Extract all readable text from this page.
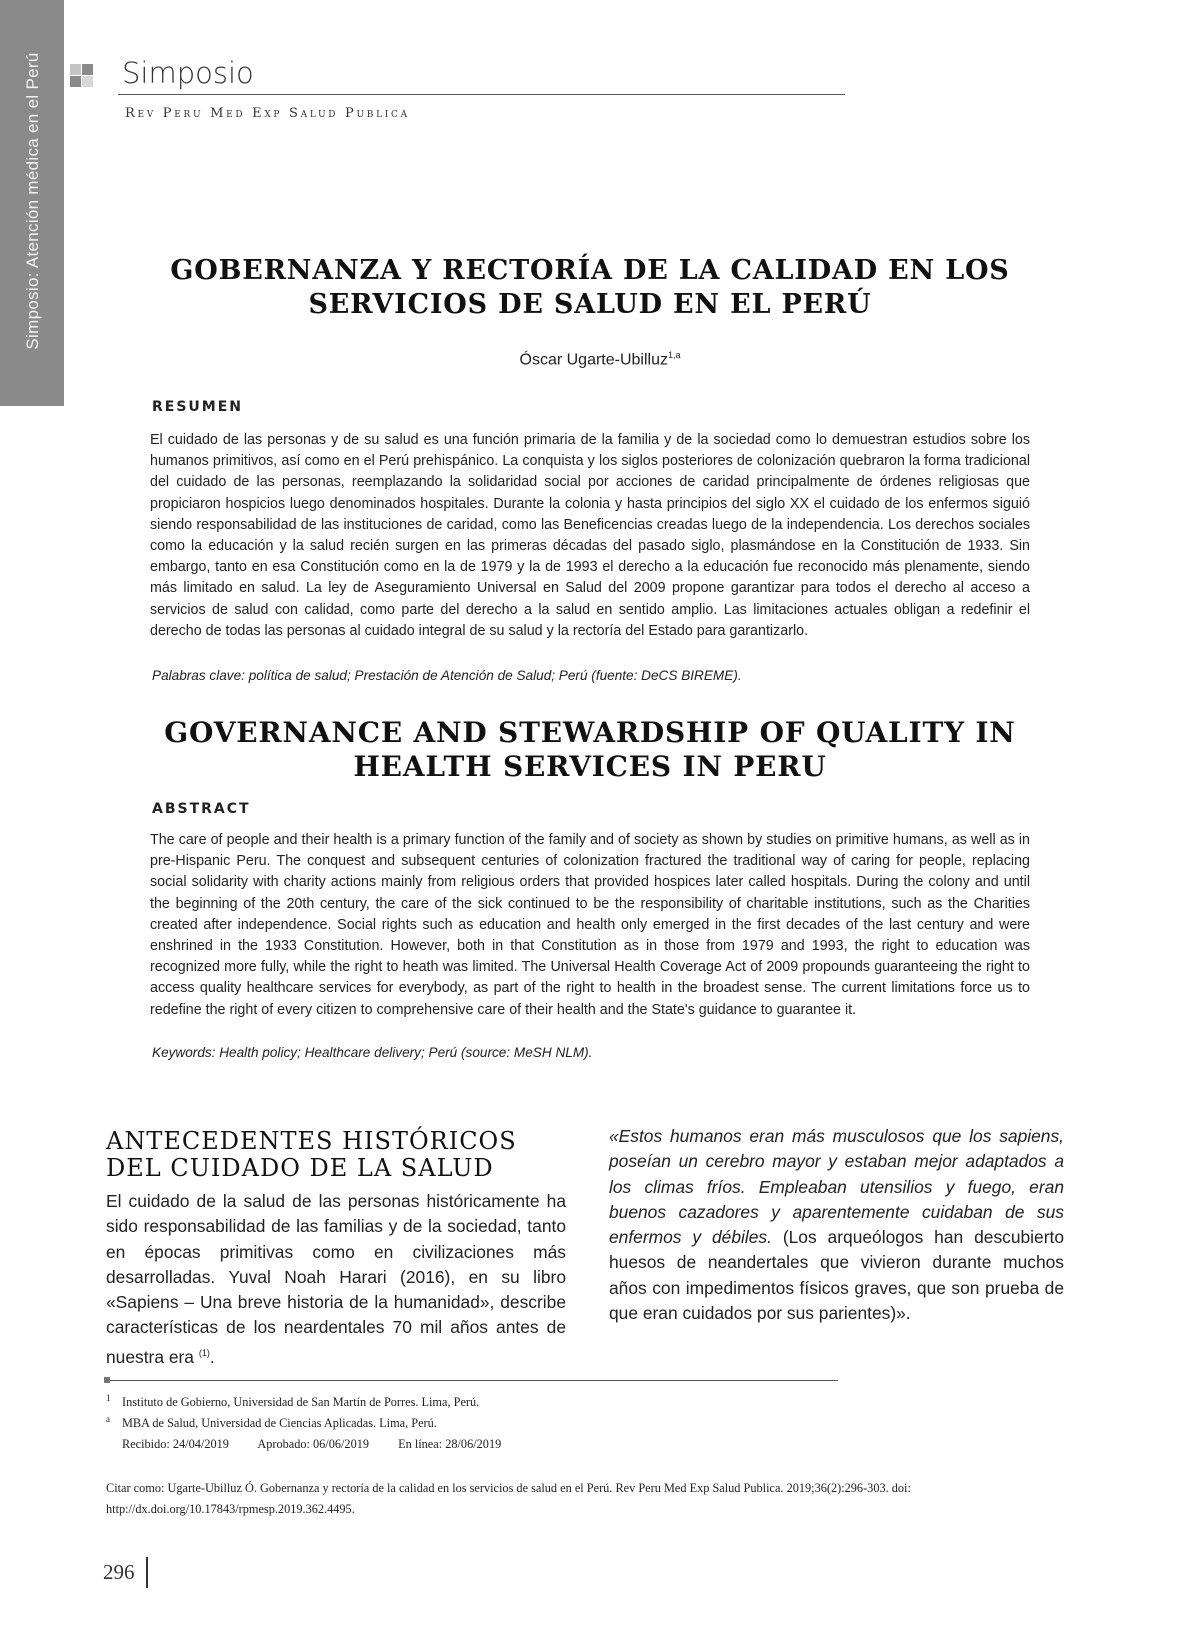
Simposio: Atención médica en el Perú	Simposio
Rev Peru Med Exp Salud Publica
GOBERNANZA Y RECTORÍA DE LA CALIDAD EN LOS SERVICIOS DE SALUD EN EL PERÚ
Óscar Ugarte-Ubilluz$^{1,a}$
RESUMEN

El cuidado de las personas y de su salud es una función primaria de la familia y de la sociedad como lo demuestran estudios sobre los humanos primitivos, así como en el Perú prehispánico. La conquista y los siglos posteriores de colonización quebraron la forma tradicional del cuidado de las personas, reemplazando la solidaridad social por acciones de caridad principalmente de órdenes religiosas que propiciaron hospicios luego denominados hospitales. Durante la colonia y hasta principios del siglo XX el cuidado de los enfermos siguió siendo responsabilidad de las instituciones de caridad, como las Beneficencias creadas luego de la independencia. Los derechos sociales como la educación y la salud recién surgen en las primeras décadas del pasado siglo, plasmándose en la Constitución de 1933. Sin embargo, tanto en esa Constitución como en la de 1979 y la de 1993 el derecho a la educación fue reconocido más plenamente, siendo más limitado en salud. La ley de Aseguramiento Universal en Salud del 2009 propone garantizar para todos el derecho al acceso a servicios de salud con calidad, como parte del derecho a la salud en sentido amplio. Las limitaciones actuales obligan a redefinir el derecho de todas las personas al cuidado integral de su salud y la rectoría del Estado para garantizarlo.

Palabras clave: política de salud; Prestación de Atención de Salud; Perú (fuente: DeCS BIREME).

GOVERNANCE AND STEWARDSHIP OF QUALITY IN HEALTH SERVICES IN PERU
ABSTRACT

The care of people and their health is a primary function of the family and of society as shown by studies on primitive humans, as well as in pre-Hispanic Peru. The conquest and subsequent centuries of colonization fractured the traditional way of caring for people, replacing social solidarity with charity actions mainly from religious orders that provided hospices later called hospitals. During the colony and until the beginning of the 20th century, the care of the sick continued to be the responsibility of charitable institutions, such as the Charities created after independence. Social rights such as education and health only emerged in the first decades of the last century and were enshrined in the 1933 Constitution. However, both in that Constitution as in those from 1979 and 1993, the right to education was recognized more fully, while the right to heath was limited. The Universal Health Coverage Act of 2009 propounds guaranteeing the right to access quality healthcare services for everybody, as part of the right to health in the broadest sense. The current limitations force us to redefine the right of every citizen to comprehensive care of their health and the State's guidance to guarantee it.

Keywords: Health policy; Healthcare delivery; Perú (source: MeSH NLM).

ANTECEDENTES HISTÓRICOS DEL CUIDADO DE LA SALUD

El cuidado de la salud de las personas históricamente ha sido responsabilidad de las familias y de la sociedad, tanto en épocas primitivas como en civilizaciones más desarrolladas. Yuval Noah Harari (2016), en su libro «Sapiens – Una breve historia de la humanidad», describe características de los neardentales 70 mil años antes de nuestra era $^{(1)}$.

«Estos humanos eran más musculosos que los sapiens, poseían un cerebro mayor y estaban mejor adaptados a los climas fríos. Empleaban utensilios y fuego, eran buenos cazadores y aparentemente cuidaban de sus enfermos y débiles. (Los arqueólogos han descubierto huesos de neandertales que vivieron durante muchos años con impedimentos físicos graves, que son prueba de que eran cuidados por sus parientes)».

1 Instituto de Gobierno, Universidad de San Martín de Porres. Lima, Perú.
a MBA de Salud, Universidad de Ciencias Aplicadas. Lima, Perú.
Recibido: 24/04/2019 Aprobado: 06/06/2019 En línea: 28/06/2019

Citar como: Ugarte-Ubilluz Ó. Gobernanza y rectoría de la calidad en los servicios de salud en el Perú. Rev Peru Med Exp Salud Publica. 2019;36(2):296-303. doi: http://dx.doi.org/10.17843/rpmesp.2019.362.4495.

296
